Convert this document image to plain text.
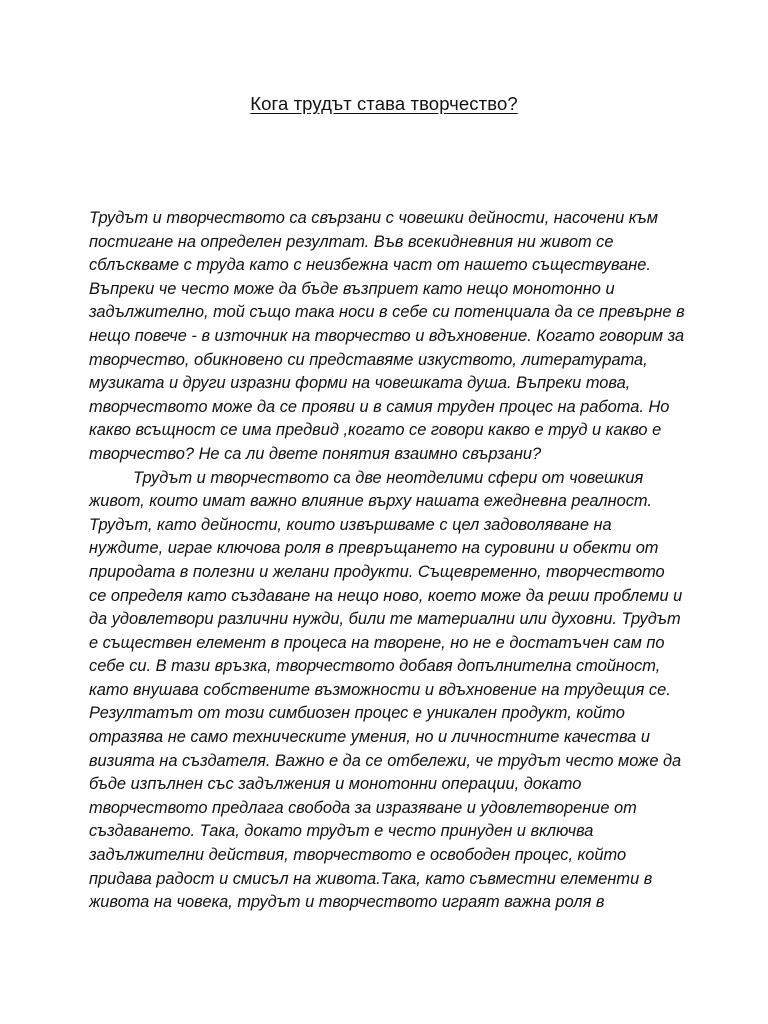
Кога трудът става творчество?
Трудът и творчеството са свързани с човешки дейности, насочени към
постигане на определен резултат. Във всекидневния ни живот се
сблъскваме с труда като с неизбежна част от нашето съществуване.
Въпреки че често може да бъде възприет като нещо монотонно и
задължително, той също така носи в себе си потенциала да се превърне в
нещо повече - в източник на творчество и вдъхновение. Когато говорим за
творчество, обикновено си представяме изкуството, литературата,
музиката и други изразни форми на човешката душа. Въпреки това,
творчеството може да се прояви и в самия труден процес на работа. Но
какво всъщност се има предвид ,когато се говори какво е труд и какво е
творчество? Не са ли двете понятия взаимно свързани?
Трудът и творчеството са две неотделими сфери от човешкия
живот, които имат важно влияние върху нашата ежедневна реалност.
Трудът, като дейности, които извършваме с цел задоволяване на
нуждите, играе ключова роля в превръщането на суровини и обекти от
природата в полезни и желани продукти. Същевременно, творчеството
се определя като създаване на нещо ново, което може да реши проблеми и
да удовлетвори различни нужди, били те материални или духовни. Трудът
е съществен елемент в процеса на творене, но не е достатъчен сам по
себе си. В тази връзка, творчеството добавя допълнителна стойност,
като внушава собствените възможности и вдъхновение на трудещия се.
Резултатът от този симбиозен процес е уникален продукт, който
отразява не само техническите умения, но и личностните качества и
визията на създателя. Важно е да се отбележи, че трудът често може да
бъде изпълнен със задължения и монотонни операции, докато
творчеството предлага свобода за изразяване и удовлетворение от
създаването. Така, докато трудът е често принуден и включва
задължителни действия, творчеството е освободен процес, който
придава радост и смисъл на живота.Така, като съвместни елементи в
живота на човека, трудът и творчеството играят важна роля в
